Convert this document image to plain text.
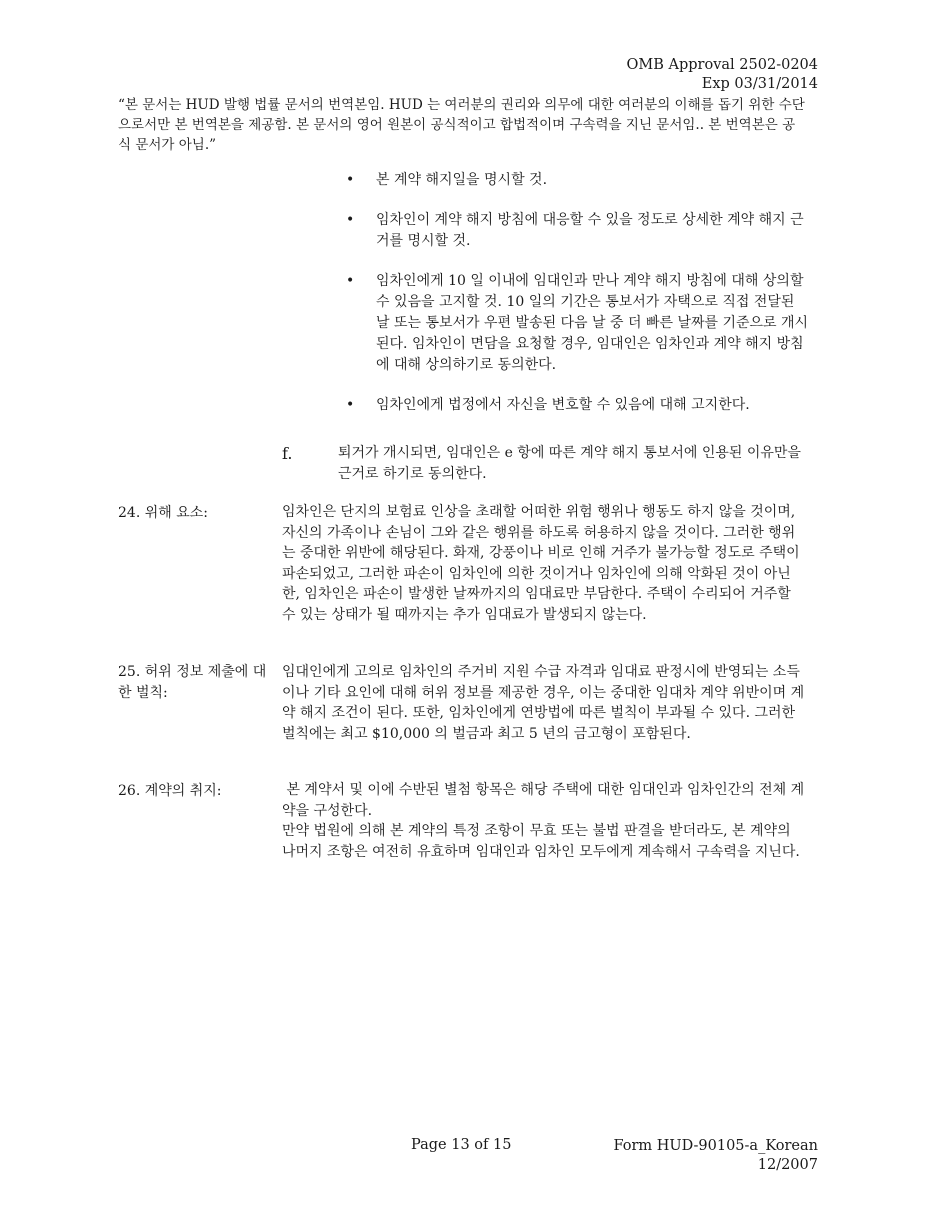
OMB Approval 2502-0204
Exp 03/31/2014
“본 문서는 HUD 발행 법률 문서의 번역본임. HUD 는 여러분의 권리와 의무에 대한 여러분의 이해를 돕기 위한 수단으로서만 본 번역본을 제공함. 본 문서의 영어 원본이 공식적이고 합법적이며 구속력을 지닌 문서임.. 본 번역본은 공식 문서가 아님.”
• 본 계약 해지일을 명시할 것.
• 임차인이 계약 해지 방침에 대응할 수 있을 정도로 상세한 계약 해지 근거를 명시할 것.
• 임차인에게 10 일 이내에 임대인과 만나 계약 해지 방침에 대해 상의할 수 있음을 고지할 것. 10 일의 기간은 통보서가 자택으로 직접 전달된 날 또는 통보서가 우편 발송된 다음 날 중 더 빠른 날짜를 기준으로 개시된다. 임차인이 면담을 요청할 경우, 임대인은 임차인과 계약 해지 방침에 대해 상의하기로 동의한다.
• 임차인에게 법정에서 자신을 변호할 수 있음에 대해 고지한다.
f.	퇴거가 개시되면, 임대인은 e 항에 따른 계약 해지 통보서에 인용된 이유만을 근거로 하기로 동의한다.
24. 위해 요소:	임차인은 단지의 보험료 인상을 초래할 어떠한 위험 행위나 행동도 하지 않을 것이며, 자신의 가족이나 손님이 그와 같은 행위를 하도록 허용하지 않을 것이다. 그러한 행위는 중대한 위반에 해당된다. 화재, 강풍이나 비로 인해 거주가 불가능할 정도로 주택이 파손되었고, 그러한 파손이 임차인에 의한 것이거나 임차인에 의해 악화된 것이 아닌 한, 임차인은 파손이 발생한 날짜까지의 임대료만 부담한다. 주택이 수리되어 거주할 수 있는 상태가 될 때까지는 추가 임대료가 발생되지 않는다.
25. 허위 정보 제출에 대한 벌칙:
임대인에게 고의로 임차인의 주거비 지원 수급 자격과 임대료 판정시에 반영되는 소득이나 기타 요인에 대해 허위 정보를 제공한 경우, 이는 중대한 임대차 계약 위반이며 계약 해지 조건이 된다. 또한, 임차인에게 연방법에 따른 벌칙이 부과될 수 있다. 그러한 벌칙에는 최고 $10,000 의 벌금과 최고 5 년의 금고형이 포함된다.
26. 계약의 취지:	본 계약서 및 이에 수반된 별첨 항목은 해당 주택에 대한 임대인과 임차인간의 전체 계약을 구성한다.
만약 법원에 의해 본 계약의 특정 조항이 무효 또는 불법 판결을 받더라도, 본 계약의 나머지 조항은 여전히 유효하며 임대인과 임차인 모두에게 계속해서 구속력을 지닌다.
Page 13 of 15	Form HUD-90105-a_Korean
12/2007
